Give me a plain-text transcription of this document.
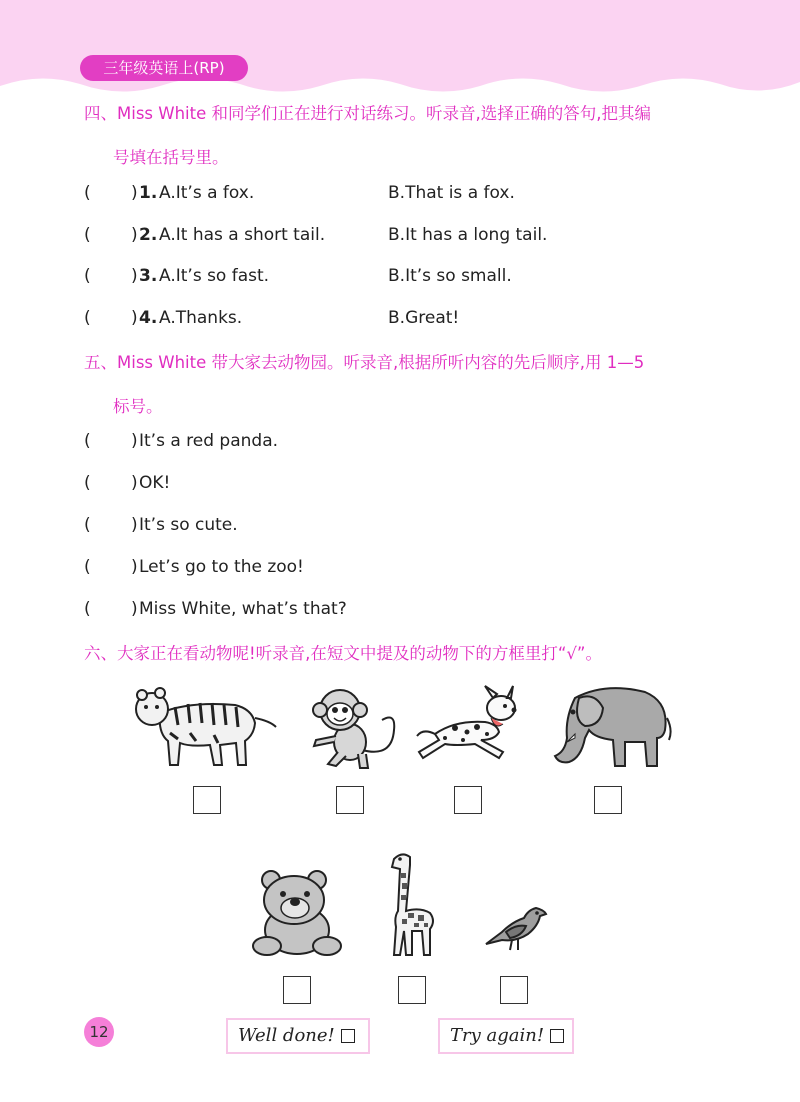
三年级英语上(RP)
四、Miss White 和同学们正在进行对话练习。听录音,选择正确的答句,把其编
号填在括号里。
( ) 1. A.It’s a fox.	B.That is a fox.
( ) 2. A.It has a short tail.	B.It has a long tail.
( ) 3. A.It’s so fast.	B.It’s so small.
( ) 4. A.Thanks.	B.Great!
五、Miss White 带大家去动物园。听录音,根据所听内容的先后顺序,用 1—5
标号。
( ) It’s a red panda.
( ) OK!
( ) It’s so cute.
( ) Let’s go to the zoo!
( ) Miss White, what’s that?
六、大家正在看动物呢!听录音,在短文中提及的动物下的方框里打“√”。
12	Well done!	Try again!
